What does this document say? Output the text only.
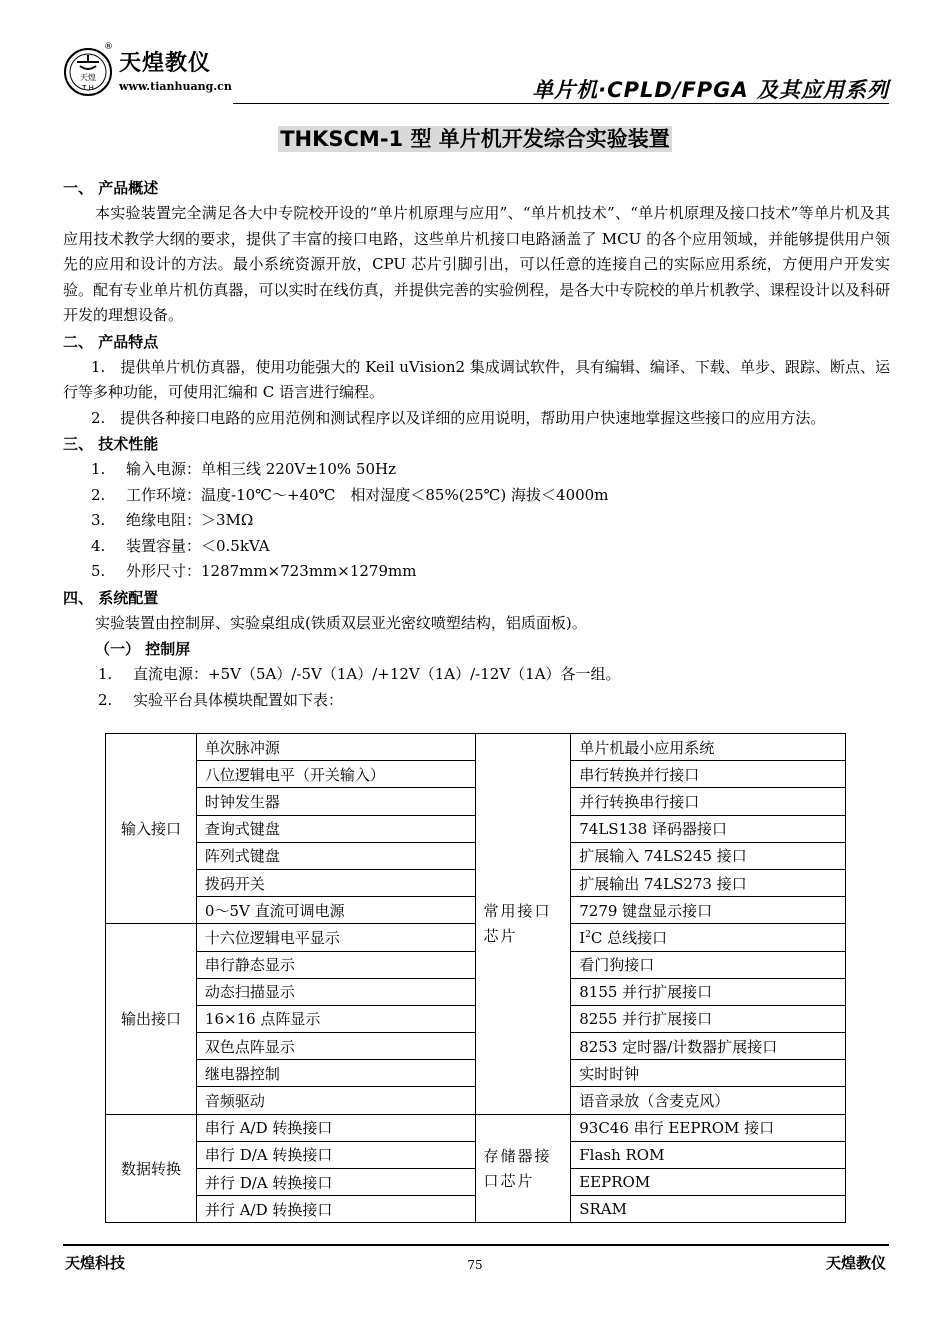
天煌
T H
®
天煌教仪
www.tianhuang.cn	单片机·CPLD/FPGA 及其应用系列
THKSCM-1 型 单片机开发综合实验装置
一、 产品概述
本实验装置完全满足各大中专院校开设的“单片机原理与应用”、“单片机技术”、“单片机原理及接口技术”等单片机及其应用技术教学大纲的要求，提供了丰富的接口电路，这些单片机接口电路涵盖了 MCU 的各个应用领域，并能够提供用户领先的应用和设计的方法。最小系统资源开放，CPU 芯片引脚引出，可以任意的连接自己的实际应用系统，方便用户开发实验。配有专业单片机仿真器，可以实时在线仿真，并提供完善的实验例程，是各大中专院校的单片机教学、课程设计以及科研开发的理想设备。
二、 产品特点
1.　提供单片机仿真器，使用功能强大的 Keil uVision2 集成调试软件，具有编辑、编译、下载、单步、跟踪、断点、运行等多种功能，可使用汇编和 C 语言进行编程。
2.　提供各种接口电路的应用范例和测试程序以及详细的应用说明，帮助用户快速地掌握这些接口的应用方法。
三、 技术性能
1. 输入电源：单相三线 220V±10% 50Hz
2. 工作环境：温度-10℃～+40℃　相对湿度＜85%(25℃) 海拔＜4000m
3. 绝缘电阻：＞3MΩ
4. 装置容量：＜0.5kVA
5. 外形尺寸：1287mm×723mm×1279mm
四、 系统配置
实验装置由控制屏、实验桌组成(铁质双层亚光密纹喷塑结构，铝质面板)。
（一） 控制屏
1. 直流电源：+5V（5A）/-5V（1A）/+12V（1A）/-12V（1A）各一组。
2. 实验平台具体模块配置如下表：
输入接口	单次脉冲源	常用接口芯片	单片机最小应用系统
	八位逻辑电平（开关输入）		串行转换并行接口
	时钟发生器		并行转换串行接口
	查询式键盘		74LS138 译码器接口
	阵列式键盘		扩展输入 74LS245 接口
	拨码开关		扩展输出 74LS273 接口
	0～5V 直流可调电源		7279 键盘显示接口
输出接口	十六位逻辑电平显示		$I^2C$ 总线接口
	串行静态显示		看门狗接口
	动态扫描显示		8155 并行扩展接口
	16×16 点阵显示		8255 并行扩展接口
	双色点阵显示		8253 定时器/计数器扩展接口
	继电器控制		实时时钟
	音频驱动		语音录放（含麦克风）
数据转换	串行 A/D 转换接口	存储器接口芯片	93C46 串行 EEPROM 接口
	串行 D/A 转换接口		Flash ROM
	并行 D/A 转换接口		EEPROM
	并行 A/D 转换接口		SRAM
天煌科技	75	天煌教仪
